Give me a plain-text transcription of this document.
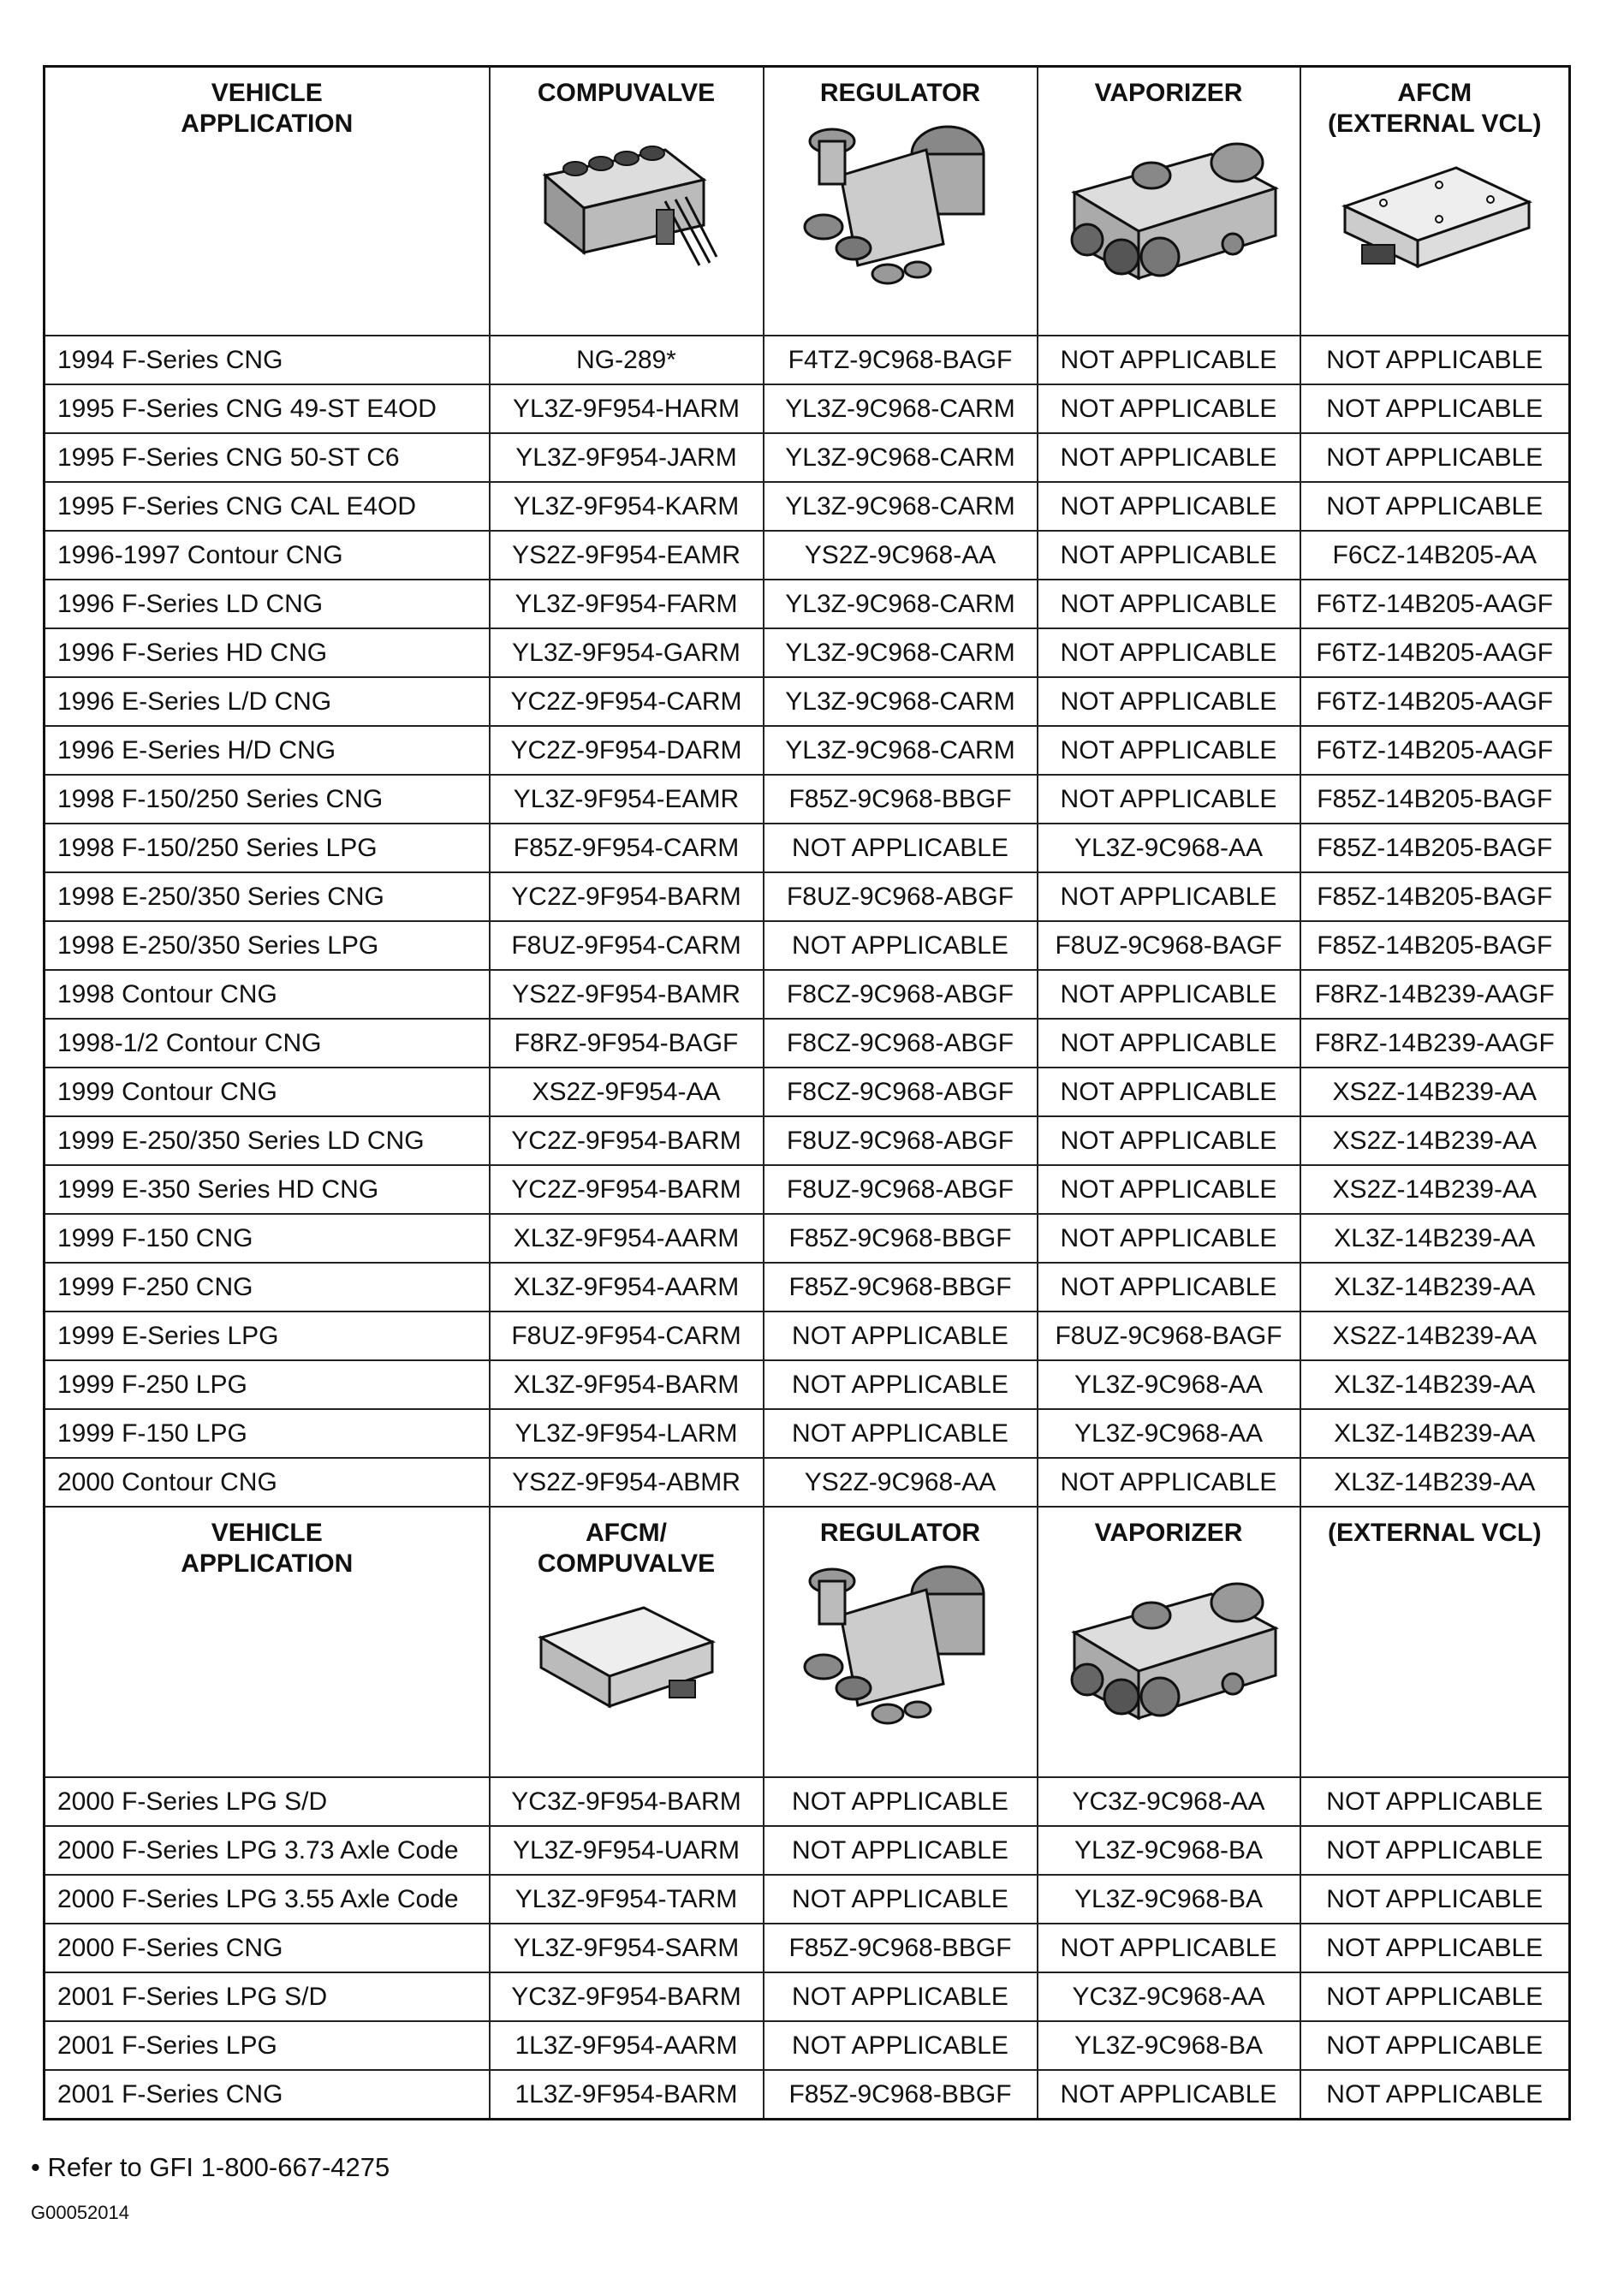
VEHICLE
APPLICATION	COMPUVALVE	REGULATOR	VAPORIZER	AFCM
(EXTERNAL VCL)

1994 F-Series CNG	NG-289*	F4TZ-9C968-BAGF	NOT APPLICABLE	NOT APPLICABLE
1995 F-Series CNG 49-ST E4OD	YL3Z-9F954-HARM	YL3Z-9C968-CARM	NOT APPLICABLE	NOT APPLICABLE
1995 F-Series CNG 50-ST C6	YL3Z-9F954-JARM	YL3Z-9C968-CARM	NOT APPLICABLE	NOT APPLICABLE
1995 F-Series CNG CAL E4OD	YL3Z-9F954-KARM	YL3Z-9C968-CARM	NOT APPLICABLE	NOT APPLICABLE
1996-1997 Contour CNG	YS2Z-9F954-EAMR	YS2Z-9C968-AA	NOT APPLICABLE	F6CZ-14B205-AA
1996 F-Series LD CNG	YL3Z-9F954-FARM	YL3Z-9C968-CARM	NOT APPLICABLE	F6TZ-14B205-AAGF
1996 F-Series HD CNG	YL3Z-9F954-GARM	YL3Z-9C968-CARM	NOT APPLICABLE	F6TZ-14B205-AAGF
1996 E-Series L/D CNG	YC2Z-9F954-CARM	YL3Z-9C968-CARM	NOT APPLICABLE	F6TZ-14B205-AAGF
1996 E-Series H/D CNG	YC2Z-9F954-DARM	YL3Z-9C968-CARM	NOT APPLICABLE	F6TZ-14B205-AAGF
1998 F-150/250 Series CNG	YL3Z-9F954-EAMR	F85Z-9C968-BBGF	NOT APPLICABLE	F85Z-14B205-BAGF
1998 F-150/250 Series LPG	F85Z-9F954-CARM	NOT APPLICABLE	YL3Z-9C968-AA	F85Z-14B205-BAGF
1998 E-250/350 Series CNG	YC2Z-9F954-BARM	F8UZ-9C968-ABGF	NOT APPLICABLE	F85Z-14B205-BAGF
1998 E-250/350 Series LPG	F8UZ-9F954-CARM	NOT APPLICABLE	F8UZ-9C968-BAGF	F85Z-14B205-BAGF
1998 Contour CNG	YS2Z-9F954-BAMR	F8CZ-9C968-ABGF	NOT APPLICABLE	F8RZ-14B239-AAGF
1998-1/2 Contour CNG	F8RZ-9F954-BAGF	F8CZ-9C968-ABGF	NOT APPLICABLE	F8RZ-14B239-AAGF
1999 Contour CNG	XS2Z-9F954-AA	F8CZ-9C968-ABGF	NOT APPLICABLE	XS2Z-14B239-AA
1999 E-250/350 Series LD CNG	YC2Z-9F954-BARM	F8UZ-9C968-ABGF	NOT APPLICABLE	XS2Z-14B239-AA
1999 E-350 Series HD CNG	YC2Z-9F954-BARM	F8UZ-9C968-ABGF	NOT APPLICABLE	XS2Z-14B239-AA
1999 F-150 CNG	XL3Z-9F954-AARM	F85Z-9C968-BBGF	NOT APPLICABLE	XL3Z-14B239-AA
1999 F-250 CNG	XL3Z-9F954-AARM	F85Z-9C968-BBGF	NOT APPLICABLE	XL3Z-14B239-AA
1999 E-Series LPG	F8UZ-9F954-CARM	NOT APPLICABLE	F8UZ-9C968-BAGF	XS2Z-14B239-AA
1999 F-250 LPG	XL3Z-9F954-BARM	NOT APPLICABLE	YL3Z-9C968-AA	XL3Z-14B239-AA
1999 F-150 LPG	YL3Z-9F954-LARM	NOT APPLICABLE	YL3Z-9C968-AA	XL3Z-14B239-AA
2000 Contour CNG	YS2Z-9F954-ABMR	YS2Z-9C968-AA	NOT APPLICABLE	XL3Z-14B239-AA

VEHICLE
APPLICATION	AFCM/
COMPUVALVE	REGULATOR	VAPORIZER	(EXTERNAL VCL)

2000 F-Series LPG S/D	YC3Z-9F954-BARM	NOT APPLICABLE	YC3Z-9C968-AA	NOT APPLICABLE
2000 F-Series LPG 3.73 Axle Code	YL3Z-9F954-UARM	NOT APPLICABLE	YL3Z-9C968-BA	NOT APPLICABLE
2000 F-Series LPG 3.55 Axle Code	YL3Z-9F954-TARM	NOT APPLICABLE	YL3Z-9C968-BA	NOT APPLICABLE
2000 F-Series CNG	YL3Z-9F954-SARM	F85Z-9C968-BBGF	NOT APPLICABLE	NOT APPLICABLE
2001 F-Series LPG S/D	YC3Z-9F954-BARM	NOT APPLICABLE	YC3Z-9C968-AA	NOT APPLICABLE
2001 F-Series LPG	1L3Z-9F954-AARM	NOT APPLICABLE	YL3Z-9C968-BA	NOT APPLICABLE
2001 F-Series CNG	1L3Z-9F954-BARM	F85Z-9C968-BBGF	NOT APPLICABLE	NOT APPLICABLE
• Refer to GFI 1-800-667-4275
G00052014
